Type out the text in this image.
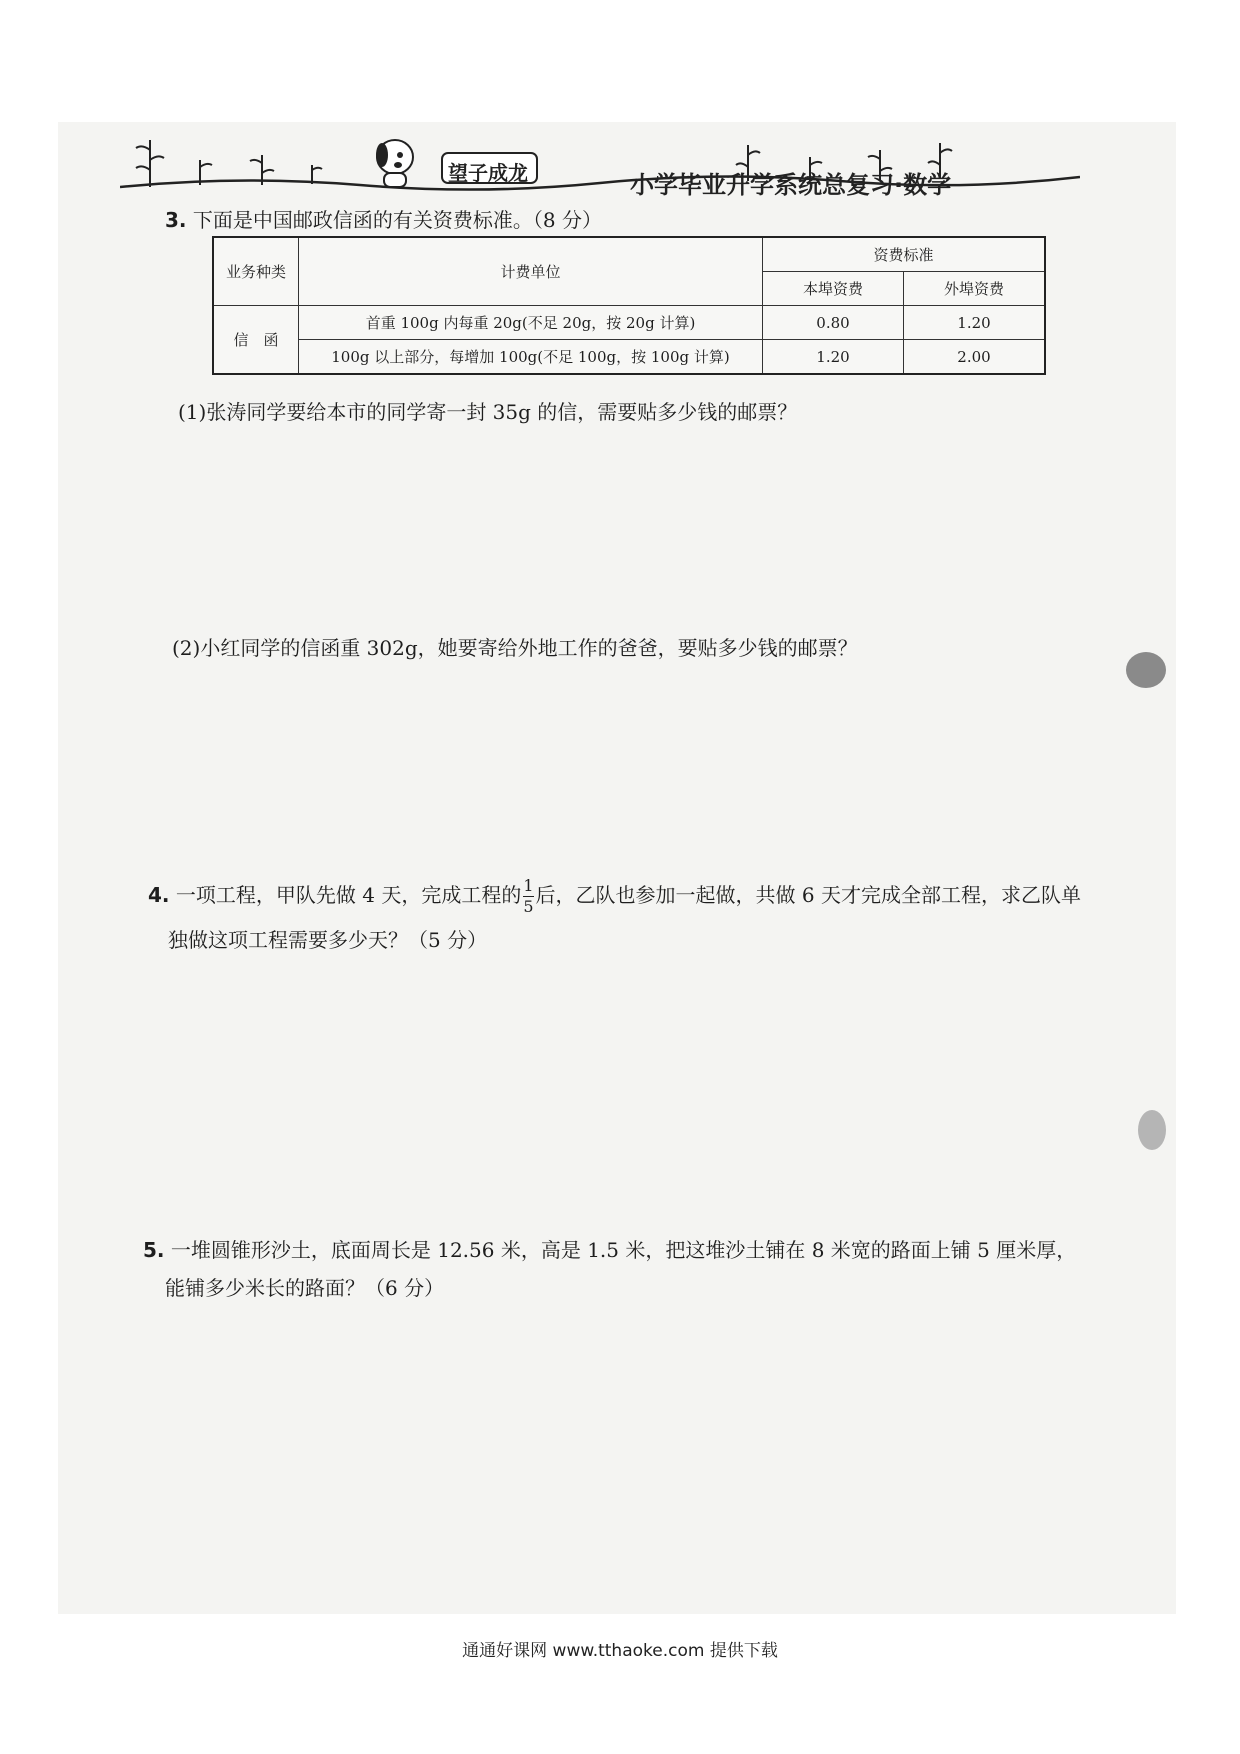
望子成龙	小学毕业升学系统总复习·数学
3. 下面是中国邮政信函的有关资费标准。（8 分）
业务种类	计费单位	资费标准	
		本埠资费	外埠资费
信　函	首重 100g 内每重 20g(不足 20g，按 20g 计算)	0.80	1.20
	100g 以上部分，每增加 100g(不足 100g，按 100g 计算)	1.20	2.00
(1)张涛同学要给本市的同学寄一封 35g 的信，需要贴多少钱的邮票？
(2)小红同学的信函重 302g，她要寄给外地工作的爸爸，要贴多少钱的邮票？
4. 一项工程，甲队先做 4 天，完成工程的 $\frac{1}{5}$ 后，乙队也参加一起做，共做 6 天才完成全部工程，求乙队单
独做这项工程需要多少天？（5 分）
5. 一堆圆锥形沙土，底面周长是 12.56 米，高是 1.5 米，把这堆沙土铺在 8 米宽的路面上铺 5 厘米厚，
能铺多少米长的路面？（6 分）
通通好课网 www.tthaoke.com 提供下载
